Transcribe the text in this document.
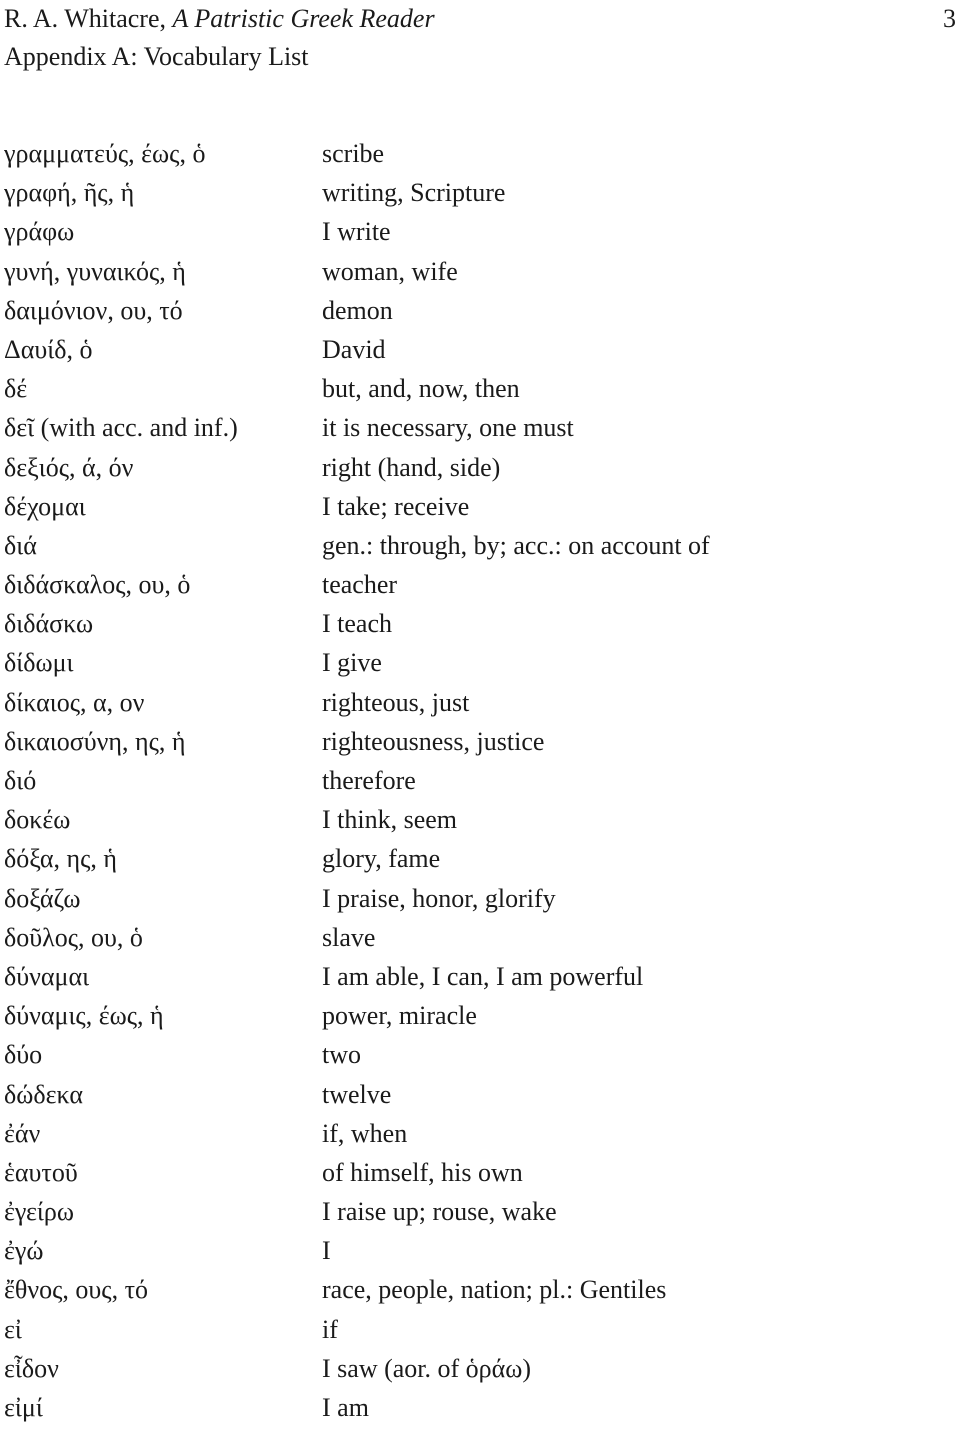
R. A. Whitacre, A Patristic Greek Reader	3
Appendix A: Vocabulary List
γραμματεύς, έως, ὁ	scribe
γραφή, ῆς, ἡ	writing, Scripture
γράφω	I write
γυνή, γυναικός, ἡ	woman, wife
δαιμόνιον, ου, τό	demon
Δαυίδ, ὁ	David
δέ	but, and, now, then
δεῖ (with acc. and inf.)	it is necessary, one must
δεξιός, ά, όν	right (hand, side)
δέχομαι	I take; receive
διά	gen.: through, by; acc.: on account of
διδάσκαλος, ου, ὁ	teacher
διδάσκω	I teach
δίδωμι	I give
δίκαιος, α, ον	righteous, just
δικαιοσύνη, ης, ἡ	righteousness, justice
διό	therefore
δοκέω	I think, seem
δόξα, ης, ἡ	glory, fame
δοξάζω	I praise, honor, glorify
δοῦλος, ου, ὁ	slave
δύναμαι	I am able, I can, I am powerful
δύναμις, έως, ἡ	power, miracle
δύο	two
δώδεκα	twelve
ἐάν	if, when
ἑαυτοῦ	of himself, his own
ἐγείρω	I raise up; rouse, wake
ἐγώ	I
ἔθνος, ους, τό	race, people, nation; pl.: Gentiles
εἰ	if
εἶδον	I saw (aor. of ὁράω)
εἰμί	I am
